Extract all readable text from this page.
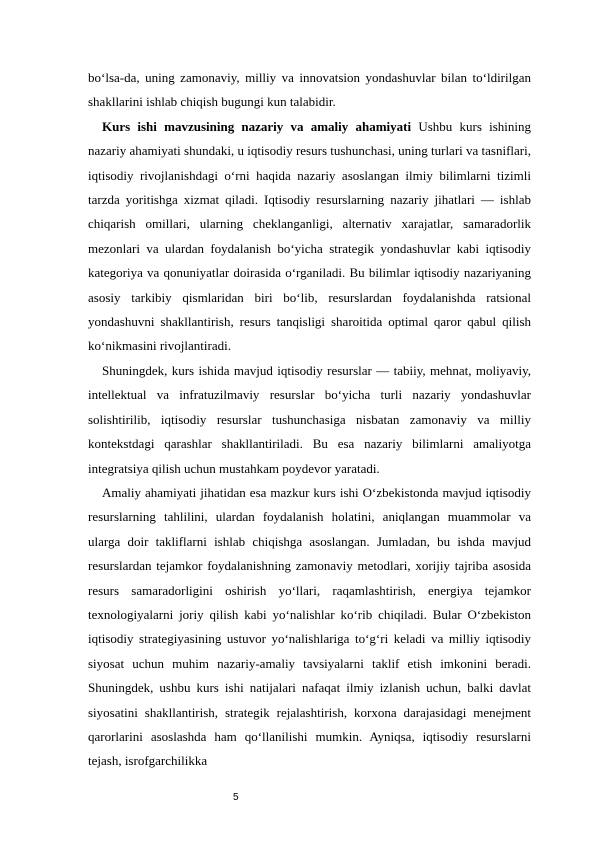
bo‘lsa-da, uning zamonaviy, milliy va innovatsion yondashuvlar bilan to‘ldirilgan shakllarini ishlab chiqish bugungi kun talabidir.

Kurs ishi mavzusining nazariy va amaliy ahamiyati Ushbu kurs ishining nazariy ahamiyati shundaki, u iqtisodiy resurs tushunchasi, uning turlari va tasniflari, iqtisodiy rivojlanishdagi o‘rni haqida nazariy asoslangan ilmiy bilimlarni tizimli tarzda yoritishga xizmat qiladi. Iqtisodiy resurslarning nazariy jihatlari — ishlab chiqarish omillari, ularning cheklanganligi, alternativ xarajatlar, samaradorlik mezonlari va ulardan foydalanish bo‘yicha strategik yondashuvlar kabi iqtisodiy kategoriya va qonuniyatlar doirasida o‘rganiladi. Bu bilimlar iqtisodiy nazariyaning asosiy tarkibiy qismlaridan biri bo‘lib, resurslardan foydalanishda ratsional yondashuvni shakllantirish, resurs tanqisligi sharoitida optimal qaror qabul qilish ko‘nikmasini rivojlantiradi.

Shuningdek, kurs ishida mavjud iqtisodiy resurslar — tabiiy, mehnat, moliyaviy, intellektual va infratuzilmaviy resurslar bo‘yicha turli nazariy yondashuvlar solishtirilib, iqtisodiy resurslar tushunchasiga nisbatan zamonaviy va milliy kontekstdagi qarashlar shakllantiriladi. Bu esa nazariy bilimlarni amaliyotga integratsiya qilish uchun mustahkam poydevor yaratadi.

Amaliy ahamiyati jihatidan esa mazkur kurs ishi O‘zbekistonda mavjud iqtisodiy resurslarning tahlilini, ulardan foydalanish holatini, aniqlangan muammolar va ularga doir takliflarni ishlab chiqishga asoslangan. Jumladan, bu ishda mavjud resurslardan tejamkor foydalanishning zamonaviy metodlari, xorijiy tajriba asosida resurs samaradorligini oshirish yo‘llari, raqamlashtirish, energiya tejamkor texnologiyalarni joriy qilish kabi yo‘nalishlar ko‘rib chiqiladi. Bular O‘zbekiston iqtisodiy strategiyasining ustuvor yo‘nalishlariga to‘g‘ri keladi va milliy iqtisodiy siyosat uchun muhim nazariy-amaliy tavsiyalarni taklif etish imkonini beradi. Shuningdek, ushbu kurs ishi natijalari nafaqat ilmiy izlanish uchun, balki davlat siyosatini shakllantirish, strategik rejalashtirish, korxona darajasidagi menejment qarorlarini asoslashda ham qo‘llanilishi mumkin. Ayniqsa, iqtisodiy resurslarni tejash, isrofgarchilikka

5
